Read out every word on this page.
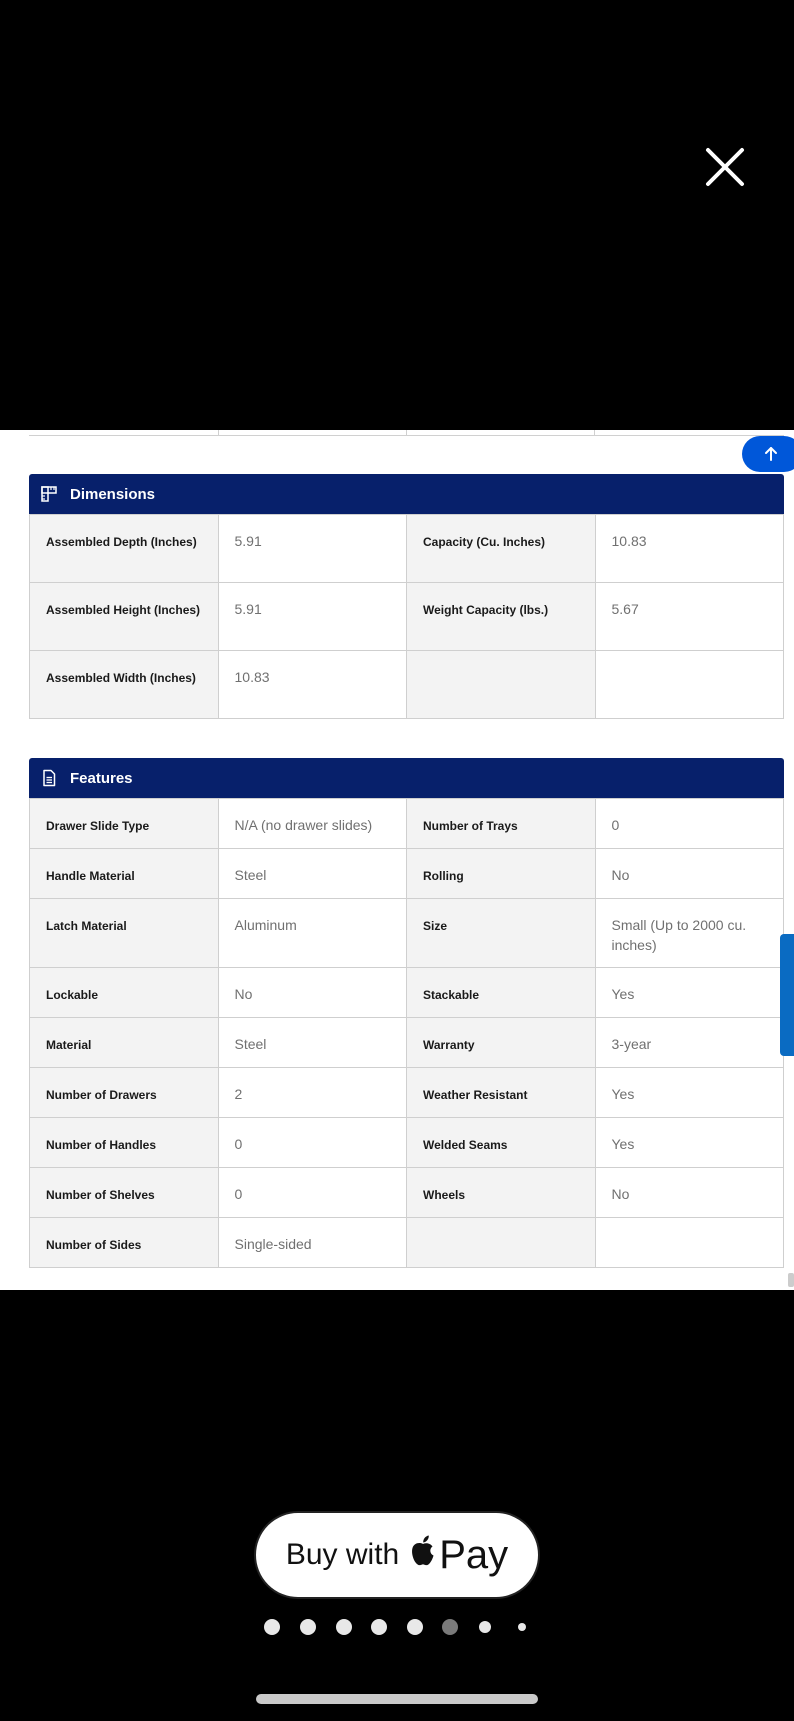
Dimensions
Assembled Depth (Inches)	5.91	Capacity (Cu. Inches)	10.83
Assembled Height (Inches)	5.91	Weight Capacity (lbs.)	5.67
Assembled Width (Inches)	10.83		
Features
Drawer Slide Type	N/A (no drawer slides)	Number of Trays	0
Handle Material	Steel	Rolling	No
Latch Material	Aluminum	Size	Small (Up to 2000 cu. inches)
Lockable	No	Stackable	Yes
Material	Steel	Warranty	3-year
Number of Drawers	2	Weather Resistant	Yes
Number of Handles	0	Welded Seams	Yes
Number of Shelves	0	Wheels	No
Number of Sides	Single-sided		
Buy with Pay
